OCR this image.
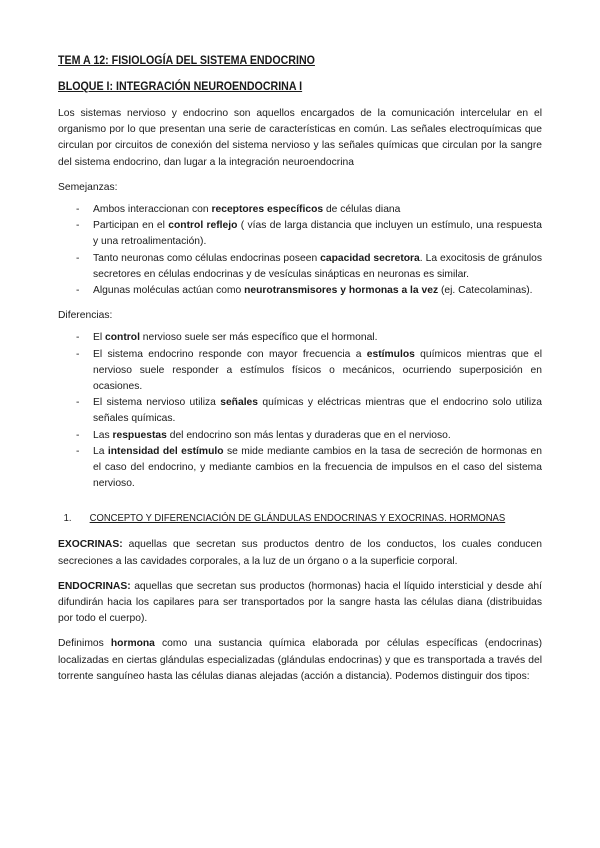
TEM A 12: FISIOLOGÍA DEL SISTEMA ENDOCRINO
BLOQUE I: INTEGRACIÓN NEUROENDOCRINA I

Los sistemas nervioso y endocrino son aquellos encargados de la comunicación intercelular en el organismo por lo que presentan una serie de características en común. Las señales electroquímicas que circulan por circuitos de conexión del sistema nervioso y las señales químicas que circulan por la sangre del sistema endocrino, dan lugar a la integración neuroendocrina

Semejanzas:

- Ambos interaccionan con receptores específicos de células diana
- Participan en el control reflejo ( vías de larga distancia que incluyen un estímulo, una respuesta y una retroalimentación).
- Tanto neuronas como células endocrinas poseen capacidad secretora. La exocitosis de gránulos secretores en células endocrinas y de vesículas sinápticas en neuronas es similar.
- Algunas moléculas actúan como neurotransmisores y hormonas a la vez (ej. Catecolaminas).

Diferencias:

- El control nervioso suele ser más específico que el hormonal.
- El sistema endocrino responde con mayor frecuencia a estímulos químicos mientras que el nervioso suele responder a estímulos físicos o mecánicos, ocurriendo superposición en ocasiones.
- El sistema nervioso utiliza señales químicas y eléctricas mientras que el endocrino solo utiliza señales químicas.
- Las respuestas del endocrino son más lentas y duraderas que en el nervioso.
- La intensidad del estímulo se mide mediante cambios en la tasa de secreción de hormonas en el caso del endocrino, y mediante cambios en la frecuencia de impulsos en el caso del sistema nervioso.
1. CONCEPTO Y DIFERENCIACIÓN DE GLÁNDULAS ENDOCRINAS Y EXOCRINAS. HORMONAS

EXOCRINAS: aquellas que secretan sus productos dentro de los conductos, los cuales conducen secreciones a las cavidades corporales, a la luz de un órgano o a la superficie corporal.

ENDOCRINAS: aquellas que secretan sus productos (hormonas) hacia el líquido intersticial y desde ahí difundirán hacia los capilares para ser transportados por la sangre hasta las células diana (distribuidas por todo el cuerpo).

Definimos hormona como una sustancia química elaborada por células específicas (endocrinas) localizadas en ciertas glándulas especializadas (glándulas endocrinas) y que es transportada a través del torrente sanguíneo hasta las células dianas alejadas (acción a distancia). Podemos distinguir dos tipos:
